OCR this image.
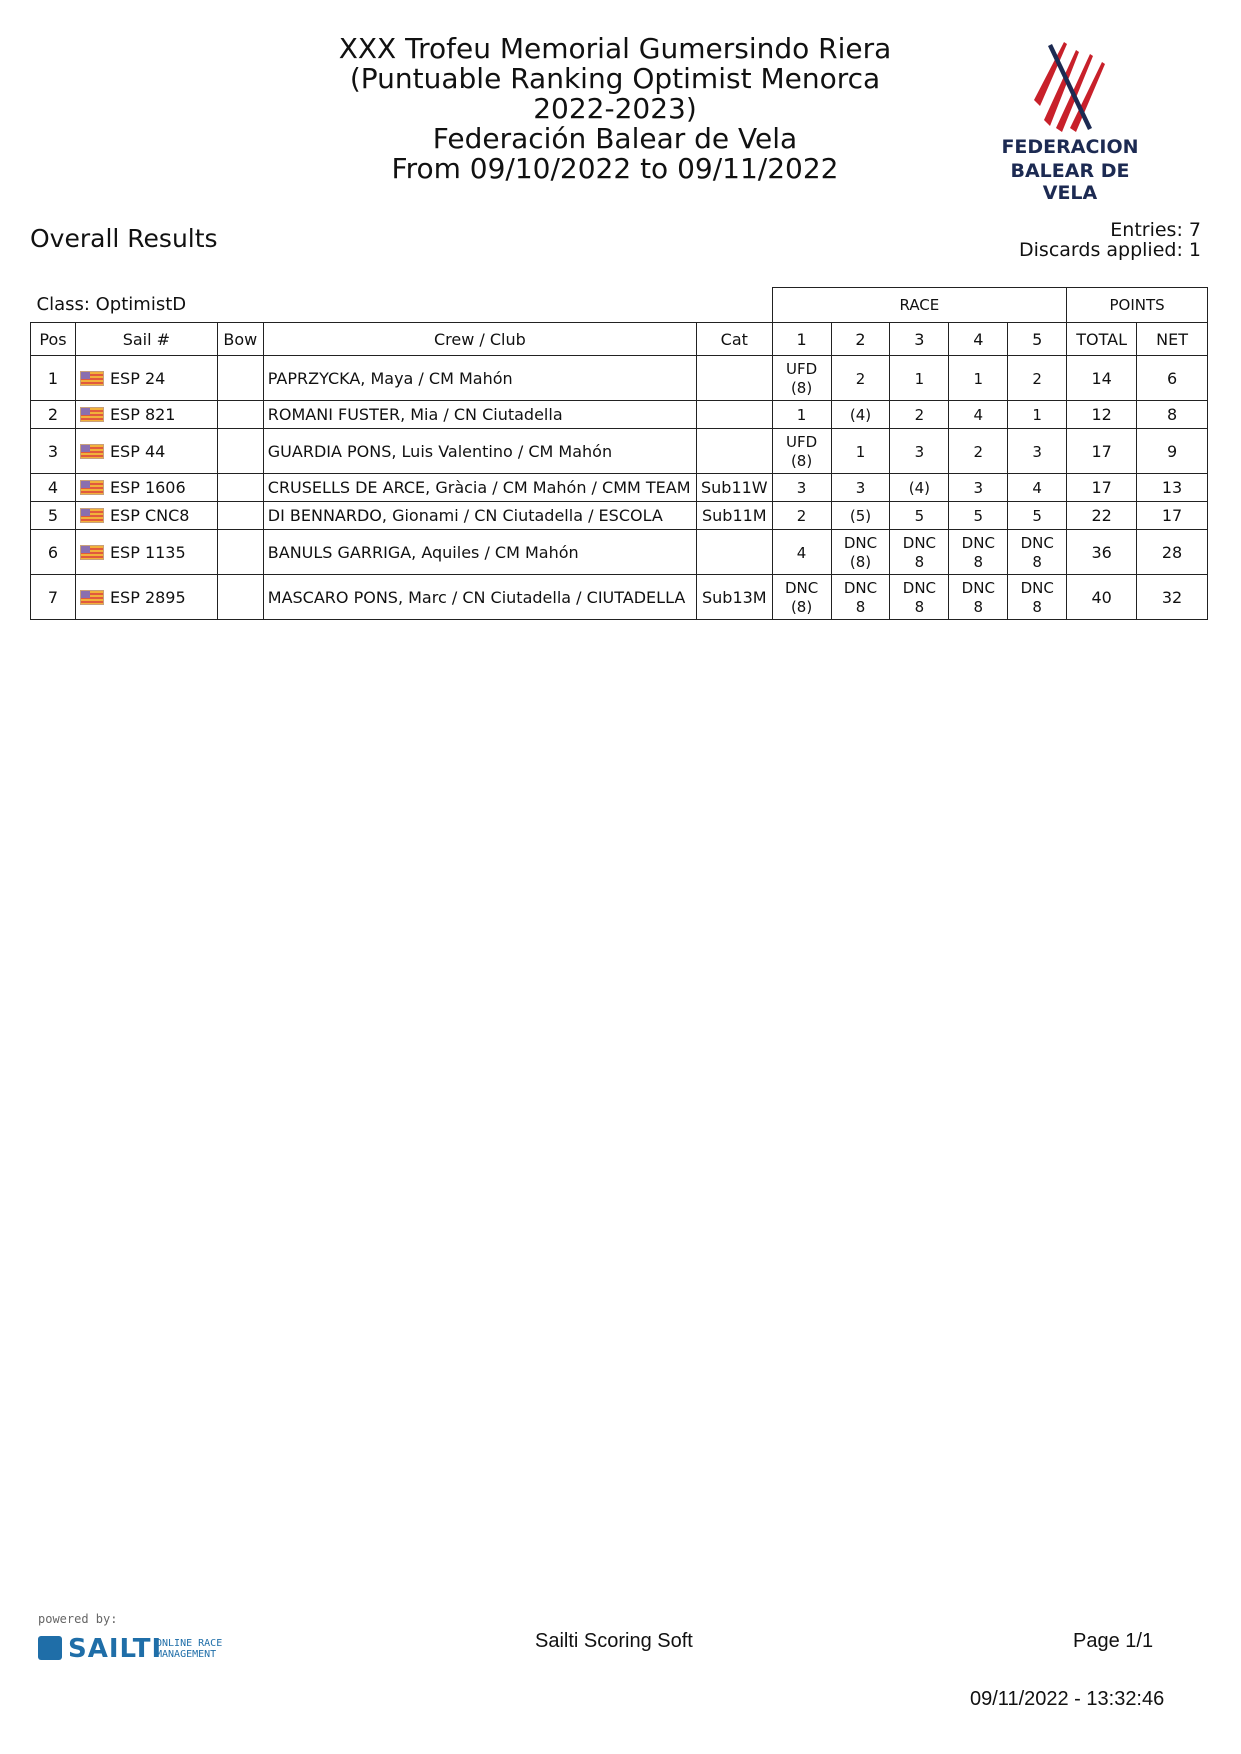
XXX Trofeu Memorial Gumersindo Riera
(Puntuable Ranking Optimist Menorca
2022-2023)
Federación Balear de Vela
From 09/10/2022 to 09/11/2022
FEDERACION
BALEAR DE VELA
Overall Results	Entries: 7
Discards applied: 1
Class: OptimistD					RACE					POINTS	
Pos	Sail #	Bow	Crew / Club	Cat	1	2	3	4	5	TOTAL	NET
1	ESP 24		PAPRZYCKA, Maya / CM Mahón		UFD
(8)	2	1	1	2	14	6
2	ESP 821		ROMANI FUSTER, Mia / CN Ciutadella		1	(4)	2	4	1	12	8
3	ESP 44		GUARDIA PONS, Luis Valentino / CM Mahón		UFD
(8)	1	3	2	3	17	9
4	ESP 1606		CRUSELLS DE ARCE, Gràcia / CM Mahón / CMM TEAM	Sub11W	3	3	(4)	3	4	17	13
5	ESP CNC8		DI BENNARDO, Gionami / CN Ciutadella / ESCOLA	Sub11M	2	(5)	5	5	5	22	17
6	ESP 1135		BANULS GARRIGA, Aquiles / CM Mahón		4	DNC
(8)	DNC
8	DNC
8	DNC
8	36	28
7	ESP 2895		MASCARO PONS, Marc / CN Ciutadella / CIUTADELLA	Sub13M	DNC
(8)	DNC
8	DNC
8	DNC
8	DNC
8	40	32
powered by:
SAILTI
ONLINE RACE MANAGEMENT
Sailti Scoring Soft	Page 1/1
09/11/2022 - 13:32:46
